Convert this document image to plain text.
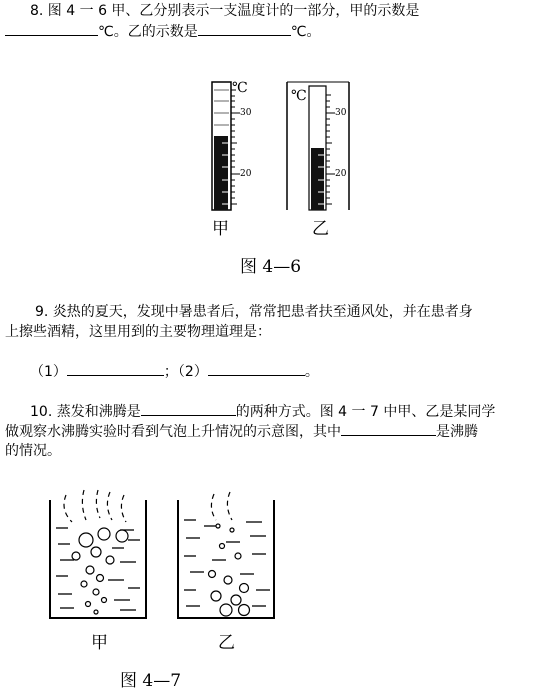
8. 图 4 一 6 甲、乙分别表示一支温度计的一部分，甲的示数是
℃。乙的示数是	℃。
℃
30
20
℃
30
20
甲	乙
图 4—6
9. 炎热的夏天，发现中暑患者后，常常把患者扶至通风处，并在患者身
上擦些酒精，这里用到的主要物理道理是：
（1）	；（2）	。
10. 蒸发和沸腾是	的两种方式。图 4 一 7 中甲、乙是某同学
做观察水沸腾实验时看到气泡上升情况的示意图，其中	是沸腾
的情况。
甲	乙
图 4—7
